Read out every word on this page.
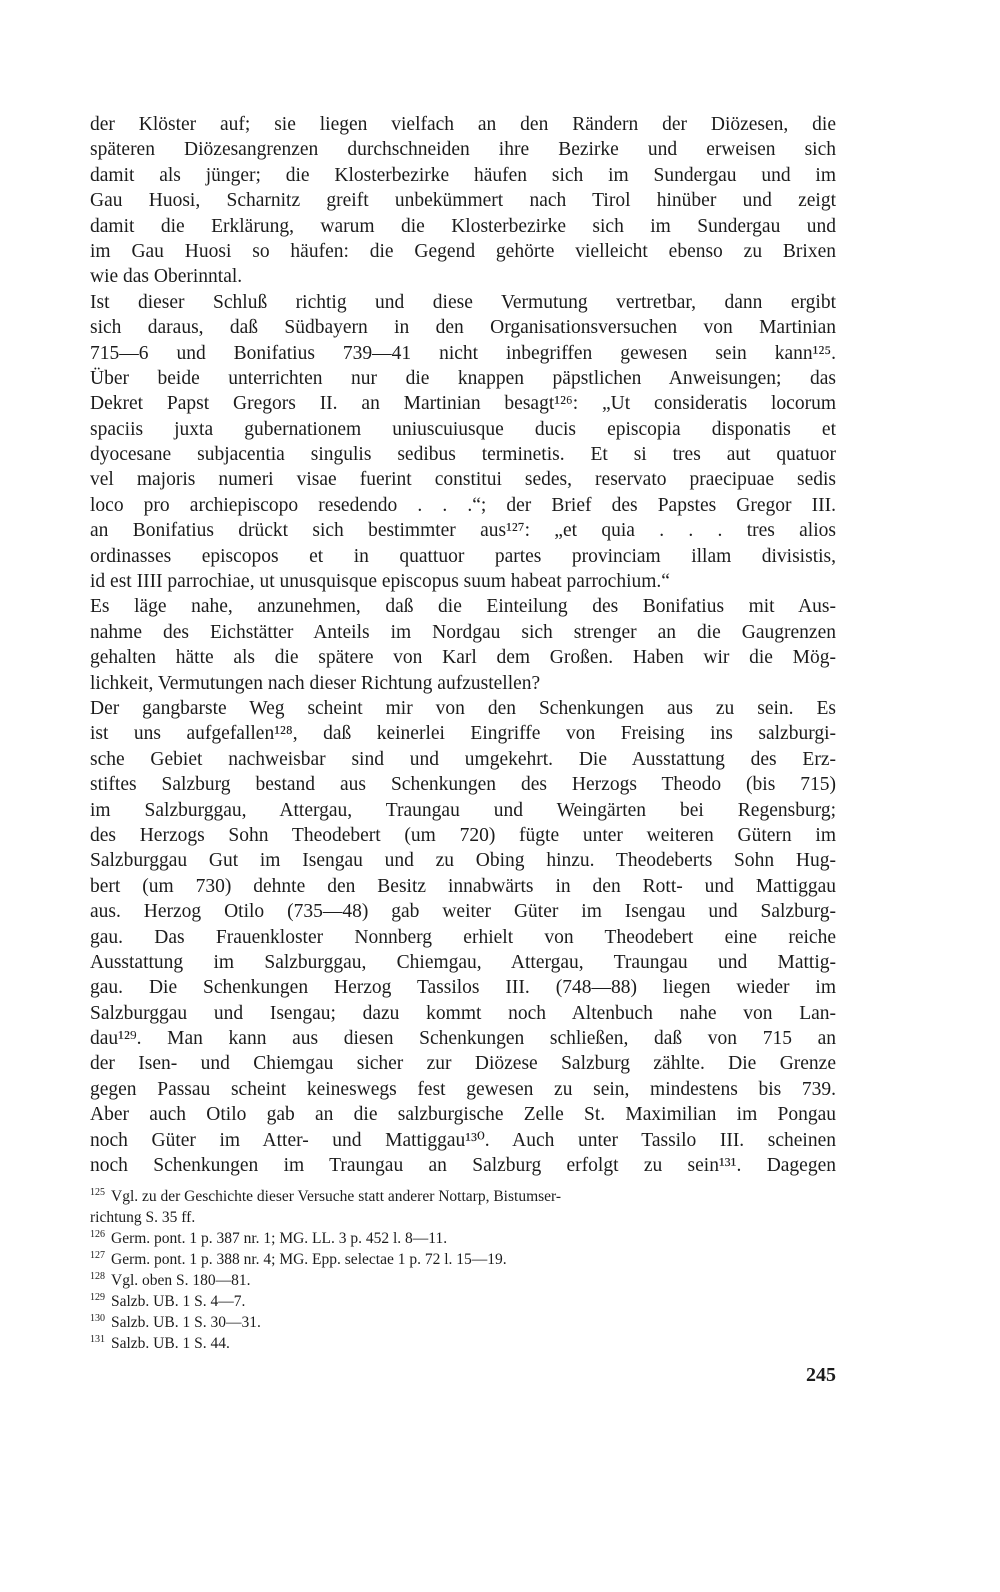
der Klöster auf; sie liegen vielfach an den Rändern der Diözesen, die
späteren Diözesangrenzen durchschneiden ihre Bezirke und erweisen sich
damit als jünger; die Klosterbezirke häufen sich im Sundergau und im
Gau Huosi, Scharnitz greift unbekümmert nach Tirol hinüber und zeigt
damit die Erklärung, warum die Klosterbezirke sich im Sundergau und
im Gau Huosi so häufen: die Gegend gehörte vielleicht ebenso zu Brixen
wie das Oberinntal.
Ist dieser Schluß richtig und diese Vermutung vertretbar, dann ergibt
sich daraus, daß Südbayern in den Organisationsversuchen von Martinian
715—6 und Bonifatius 739—41 nicht inbegriffen gewesen sein kann¹²⁵.
Über beide unterrichten nur die knappen päpstlichen Anweisungen; das
Dekret Papst Gregors II. an Martinian besagt¹²⁶: „Ut consideratis locorum
spaciis juxta gubernationem uniuscuiusque ducis episcopia disponatis et
dyocesane subjacentia singulis sedibus terminetis. Et si tres aut quatuor
vel majoris numeri visae fuerint constitui sedes, reservato praecipuae sedis
loco pro archiepiscopo resedendo . . .“; der Brief des Papstes Gregor III.
an Bonifatius drückt sich bestimmter aus¹²⁷: „et quia . . . tres alios
ordinasses episcopos et in quattuor partes provinciam illam divisistis,
id est IIII parrochiae, ut unusquisque episcopus suum habeat parrochium.“
Es läge nahe, anzunehmen, daß die Einteilung des Bonifatius mit Aus-
nahme des Eichstätter Anteils im Nordgau sich strenger an die Gaugrenzen
gehalten hätte als die spätere von Karl dem Großen. Haben wir die Mög-
lichkeit, Vermutungen nach dieser Richtung aufzustellen?
Der gangbarste Weg scheint mir von den Schenkungen aus zu sein. Es
ist uns aufgefallen¹²⁸, daß keinerlei Eingriffe von Freising ins salzburgi-
sche Gebiet nachweisbar sind und umgekehrt. Die Ausstattung des Erz-
stiftes Salzburg bestand aus Schenkungen des Herzogs Theodo (bis 715)
im Salzburggau, Attergau, Traungau und Weingärten bei Regensburg;
des Herzogs Sohn Theodebert (um 720) fügte unter weiteren Gütern im
Salzburggau Gut im Isengau und zu Obing hinzu. Theodeberts Sohn Hug-
bert (um 730) dehnte den Besitz innabwärts in den Rott- und Mattiggau
aus. Herzog Otilo (735—48) gab weiter Güter im Isengau und Salzburg-
gau. Das Frauenkloster Nonnberg erhielt von Theodebert eine reiche
Ausstattung im Salzburggau, Chiemgau, Attergau, Traungau und Mattig-
gau. Die Schenkungen Herzog Tassilos III. (748—88) liegen wieder im
Salzburggau und Isengau; dazu kommt noch Altenbuch nahe von Lan-
dau¹²⁹. Man kann aus diesen Schenkungen schließen, daß von 715 an
der Isen- und Chiemgau sicher zur Diözese Salzburg zählte. Die Grenze
gegen Passau scheint keineswegs fest gewesen zu sein, mindestens bis 739.
Aber auch Otilo gab an die salzburgische Zelle St. Maximilian im Pongau
noch Güter im Atter- und Mattiggau¹³⁰. Auch unter Tassilo III. scheinen
noch Schenkungen im Traungau an Salzburg erfolgt zu sein¹³¹. Dagegen
$^{125}$ Vgl. zu der Geschichte dieser Versuche statt anderer Nottarp, Bistumser-
richtung S. 35 ff.
$^{126}$ Germ. pont. 1 p. 387 nr. 1; MG. LL. 3 p. 452 l. 8—11.
$^{127}$ Germ. pont. 1 p. 388 nr. 4; MG. Epp. selectae 1 p. 72 l. 15—19.
$^{128}$ Vgl. oben S. 180—81.
$^{129}$ Salzb. UB. 1 S. 4—7.
$^{130}$ Salzb. UB. 1 S. 30—31.
$^{131}$ Salzb. UB. 1 S. 44.
245
